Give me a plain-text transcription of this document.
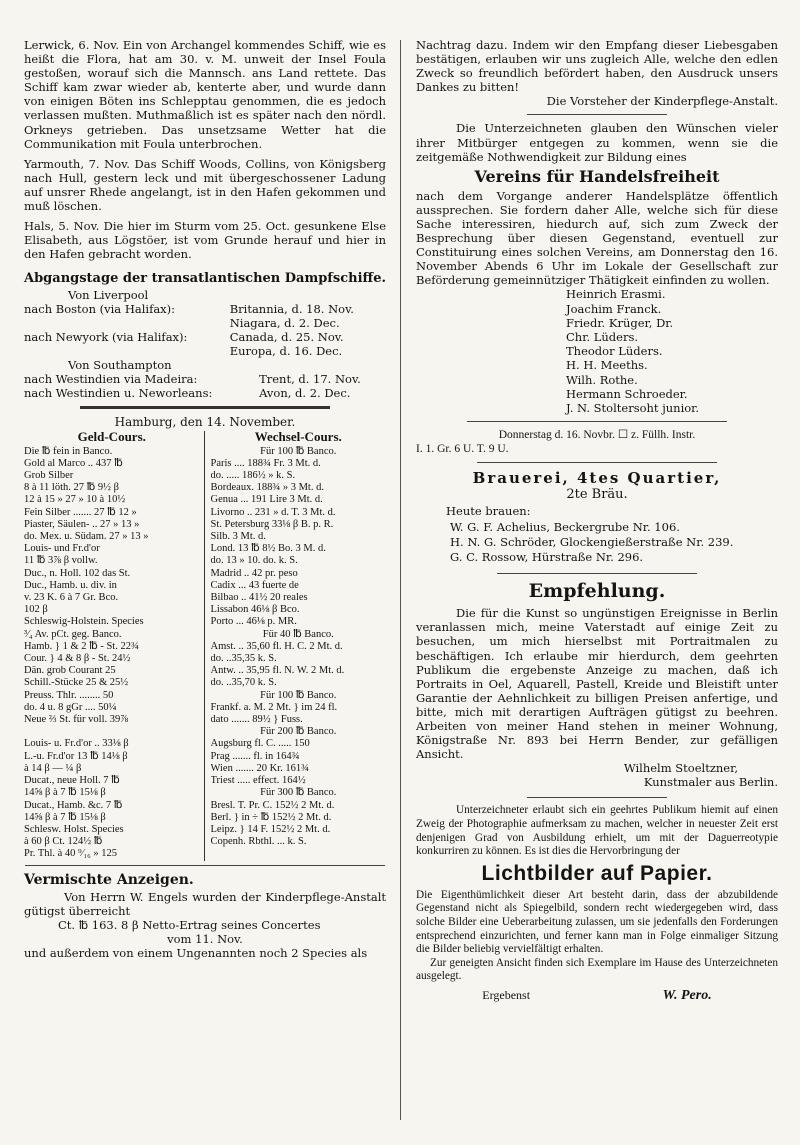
Lerwick, 6. Nov. Ein von Archangel kommendes Schiff, wie es heißt die Flora, hat am 30. v. M. unweit der Insel Foula gestoßen, worauf sich die Mannsch. ans Land rettete. Das Schiff kam zwar wieder ab, kenterte aber, und wurde dann von einigen Böten ins Schlepptau genommen, die es jedoch verlassen mußten. Muthmaßlich ist es später nach den nördl. Orkneys getrieben. Das unsetzsame Wetter hat die Communikation mit Foula unterbrochen.

Yarmouth, 7. Nov. Das Schiff Woods, Collins, von Königsberg nach Hull, gestern leck und mit übergeschossener Ladung auf unsrer Rhede angelangt, ist in den Hafen gekommen und muß löschen.

Hals, 5. Nov. Die hier im Sturm vom 25. Oct. gesunkene Else Elisabeth, aus Lögstöer, ist vom Grunde herauf und hier in den Hafen gebracht worden.

Abgangstage der transatlantischen Dampfschiffe.
Von Liverpool
nach Boston (via Halifax):	Britannia, d. 18. Nov.
	Niagara, d. 2. Dec.
nach Newyork (via Halifax):	Canada, d. 25. Nov.
	Europa, d. 16. Dec.
Von Southampton
nach Westindien via Madeira:	Trent, d. 17. Nov.
nach Westindien u. Neworleans:	Avon, d. 2. Dec.
Hamburg, den 14. November.
Geld-Cours.
Die ℔ fein in Banco.
Gold al Marco .. 437 ℔
Grob Silber
8 à 11 löth. 27 ℔ 9½ β
12 à 15 » 27 » 10 à 10½
Fein Silber ....... 27 ℔ 12 »
Piaster, Säulen- .. 27 » 13 »
do. Mex. u. Südam. 27 » 13 »
Louis- und Fr.d'or
11 ℔ 3⅞ β vollw.
Duc., n. Holl. 102 das St.
Duc., Hamb. u. div. in
v. 23 K. 6 à 7 Gr. Bco.
102 β
Schleswig-Holstein. Species
³⁄₄ Av. pCt. geg. Banco.
Hamb. } 1 & 2 ℔ - St. 22¾
Cour. } 4 & 8 β - St. 24½
Dän. grob Courant 25
Schill.-Stücke 25 & 25½
Preuss. Thlr. ........ 50
do. 4 u. 8 gGr .... 50¼
Neue ⅔ St. für voll. 39⅞

Louis- u. Fr.d'or .. 33⅛ β
L.-u. Fr.d'or 13 ℔ 14⅛ β
à 14 β — ¼ β
Ducat., neue Holl. 7 ℔
14⅝ β à 7 ℔ 15⅛ β
Ducat., Hamb. &c. 7 ℔
14⅝ β à 7 ℔ 15⅛ β
Schlesw. Holst. Species
à 60 β Ct. 124½ ℔
Pr. Thl. à 40 ⁹⁄₁₆ » 125
Wechsel-Cours.
Für 100 ℔ Banco.
Paris .... 188¾ Fr. 3 Mt. d.
do. ..... 186½ » k. S.
Bordeaux. 188¾ » 3 Mt. d.
Genua ... 191 Lire 3 Mt. d.
Livorno .. 231 » d. T. 3 Mt. d.
St. Petersburg 33⅛ β B. p. R.
Silb. 3 Mt. d.
Lond. 13 ℔ 8½ Bo. 3 M. d.
do. 13 » 10. do. k. S.
Madrid .. 42 pr. peso
Cadix ... 43 fuerte de
Bilbao .. 41½ 20 reales
Lissabon 46⅛ β Bco.
Porto ... 46⅛ p. MR.
Für 40 ℔ Banco.
Amst. .. 35,60 fl. H. C. 2 Mt. d.
do. ..35,35 k. S.
Antw. .. 35,95 fl. N. W. 2 Mt. d.
do. ..35,70 k. S.
Für 100 ℔ Banco.
Frankf. a. M. 2 Mt. } im 24 fl.
dato ....... 89½ } Fuss.
Für 200 ℔ Banco.
Augsburg fl. C. ..... 150
Prag ....... fl. in 164¾
Wien ....... 20 Kr. 161¾
Triest ..... effect. 164½
Für 300 ℔ Banco.
Bresl. T. Pr. C. 152½ 2 Mt. d.
Berl. } in ÷ ℔ 152½ 2 Mt. d.
Leipz. } 14 F. 152½ 2 Mt. d.
Copenh. Rbthl. ... k. S.
Vermischte Anzeigen.

Von Herrn W. Engels wurden der Kinderpflege-Anstalt gütigst überreicht

Ct. ℔ 163. 8 β Netto-Ertrag seines Concertes

vom 11. Nov.

und außerdem von einem Ungenannten noch 2 Species als

Nachtrag dazu. Indem wir den Empfang dieser Liebesgaben bestätigen, erlauben wir uns zugleich Alle, welche den edlen Zweck so freundlich befördert haben, den Ausdruck unsers Dankes zu bitten!

Die Vorsteher der Kinderpflege-Anstalt.

Die Unterzeichneten glauben den Wünschen vieler ihrer Mitbürger entgegen zu kommen, wenn sie die zeitgemäße Nothwendigkeit zur Bildung eines

Vereins für Handelsfreiheit

nach dem Vorgange anderer Handelsplätze öffentlich aussprechen. Sie fordern daher Alle, welche sich für diese Sache interessiren, hiedurch auf, sich zum Zweck der Besprechung über diesen Gegenstand, eventuell zur Constituirung eines solchen Vereins, am Donnerstag den 16. November Abends 6 Uhr im Lokale der Gesellschaft zur Beförderung gemeinnütziger Thätigkeit einfinden zu wollen.

Heinrich Erasmi.
Joachim Franck.
Friedr. Krüger, Dr.
Chr. Lüders.
Theodor Lüders.
H. H. Meeths.
Wilh. Rothe.
Hermann Schroeder.
J. N. Stoltersoht junior.
Donnerstag d. 16. Novbr. ☐ z. Füllh. Instr.
I. 1. Gr. 6 U. T. 9 U.
Brauerei, 4tes Quartier,
2te Bräu.
Heute brauen:
W. G. F. Achelius, Beckergrube Nr. 106.
H. N. G. Schröder, Glockengießerstraße Nr. 239.
G. C. Rossow, Hürstraße Nr. 296.
Empfehlung.

Die für die Kunst so ungünstigen Ereignisse in Berlin veranlassen mich, meine Vaterstadt auf einige Zeit zu besuchen, um mich hierselbst mit Portraitmalen zu beschäftigen. Ich erlaube mir hierdurch, dem geehrten Publikum die ergebenste Anzeige zu machen, daß ich Portraits in Oel, Aquarell, Pastell, Kreide und Bleistift unter Garantie der Aehnlichkeit zu billigen Preisen anfertige, und bitte, mich mit derartigen Aufträgen gütigst zu beehren. Arbeiten von meiner Hand stehen in meiner Wohnung, Königstraße Nr. 893 bei Herrn Bender, zur gefälligen Ansicht.

Wilhelm Stoeltzner,

Kunstmaler aus Berlin.

Unterzeichneter erlaubt sich ein geehrtes Publikum hiemit auf einen Zweig der Photographie aufmerksam zu machen, welcher in neuester Zeit erst denjenigen Grad von Ausbildung erhielt, um mit der Daguerreotypie konkurriren zu können. Es ist dies die Hervorbringung der

Lichtbilder auf Papier.

Die Eigenthümlichkeit dieser Art besteht darin, dass der abzubildende Gegenstand nicht als Spiegelbild, sondern recht wiedergegeben wird, dass solche Bilder eine Ueberarbeitung zulassen, um sie jedenfalls den Forderungen entsprechend einzurichten, und ferner kann man in Folge einmaliger Sitzung die Bilder beliebig vervielfältigt erhalten.

Zur geneigten Ansicht finden sich Exemplare im Hause des Unterzeichneten ausgelegt.

Ergebenst	W. Pero.
